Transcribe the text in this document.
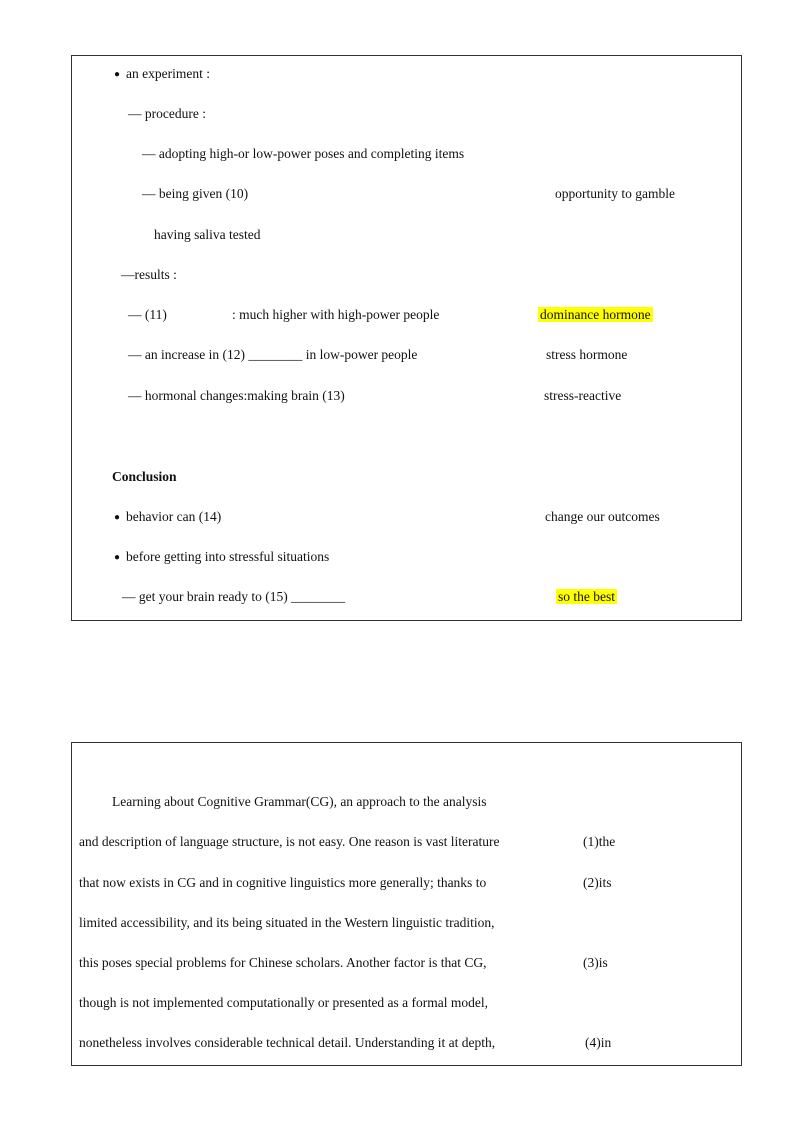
● an experiment :
— procedure :
— adopting high-or low-power poses and completing items
— being given (10)	opportunity to gamble
having saliva tested
—results :
— (11)	: much higher with high-power people	dominance hormone
— an increase in (12) ________ in low-power people	stress hormone
— hormonal changes:making brain (13)	stress-reactive
Conclusion
● behavior can (14)	change our outcomes
● before getting into stressful situations
— get your brain ready to (15) ________	so the best
Learning about Cognitive Grammar(CG), an approach to the analysis
and description of language structure, is not easy. One reason is vast literature
that now exists in CG and in cognitive linguistics more generally; thanks to
limited accessibility, and its being situated in the Western linguistic tradition,
this poses special problems for Chinese scholars. Another factor is that CG,
though is not implemented computationally or presented as a formal model,
nonetheless involves considerable technical detail. Understanding it at depth,
(1)the
(2)its
(3)is
(4)in
